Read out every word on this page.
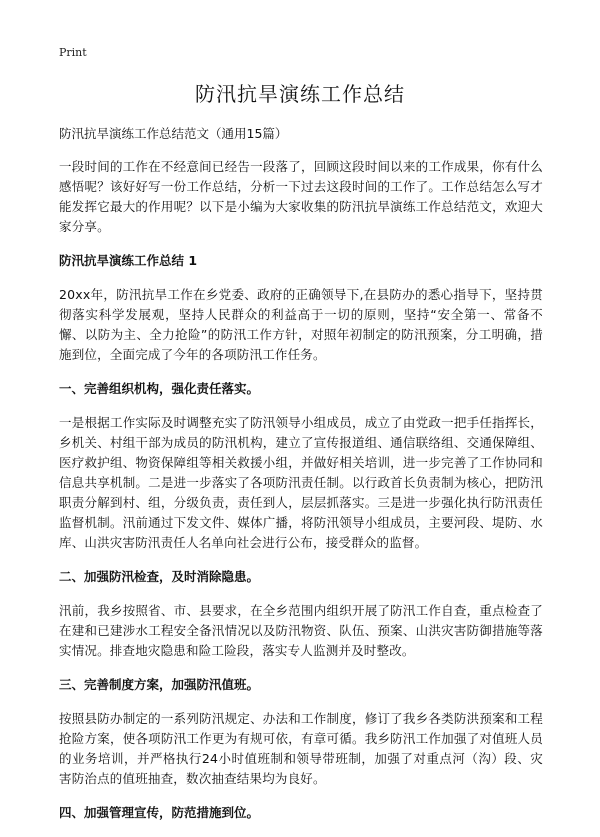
Print
防汛抗旱演练工作总结
防汛抗旱演练工作总结范文（通用15篇）

一段时间的工作在不经意间已经告一段落了，回顾这段时间以来的工作成果，你有什么感悟呢？该好好写一份工作总结，分析一下过去这段时间的工作了。工作总结怎么写才能发挥它最大的作用呢？以下是小编为大家收集的防汛抗旱演练工作总结范文，欢迎大家分享。

防汛抗旱演练工作总结 1

20xx年，防汛抗旱工作在乡党委、政府的正确领导下,在县防办的悉心指导下，坚持贯彻落实科学发展观，坚持人民群众的利益高于一切的原则，坚持“安全第一、常备不懈、以防为主、全力抢险”的防汛工作方针，对照年初制定的防汛预案，分工明确，措施到位，全面完成了今年的各项防汛工作任务。

一、完善组织机构，强化责任落实。

一是根据工作实际及时调整充实了防汛领导小组成员，成立了由党政一把手任指挥长，乡机关、村组干部为成员的防汛机构，建立了宣传报道组、通信联络组、交通保障组、医疗救护组、物资保障组等相关救援小组，并做好相关培训，进一步完善了工作协同和信息共享机制。二是进一步落实了各项防汛责任制。以行政首长负责制为核心，把防汛职责分解到村、组，分级负责，责任到人，层层抓落实。三是进一步强化执行防汛责任监督机制。汛前通过下发文件、媒体广播，将防汛领导小组成员，主要河段、堤防、水库、山洪灾害防汛责任人名单向社会进行公布，接受群众的监督。

二、加强防汛检查，及时消除隐患。

汛前，我乡按照省、市、县要求，在全乡范围内组织开展了防汛工作自查，重点检查了在建和已建涉水工程安全备汛情况以及防汛物资、队伍、预案、山洪灾害防御措施等落实情况。排查地灾隐患和险工险段，落实专人监测并及时整改。

三、完善制度方案，加强防汛值班。

按照县防办制定的一系列防汛规定、办法和工作制度，修订了我乡各类防洪预案和工程抢险方案，使各项防汛工作更为有规可依，有章可循。我乡防汛工作加强了对值班人员的业务培训，并严格执行24小时值班制和领导带班制，加强了对重点河（沟）段、灾害防治点的值班抽查，数次抽查结果均为良好。

四、加强管理宣传，防范措施到位。
